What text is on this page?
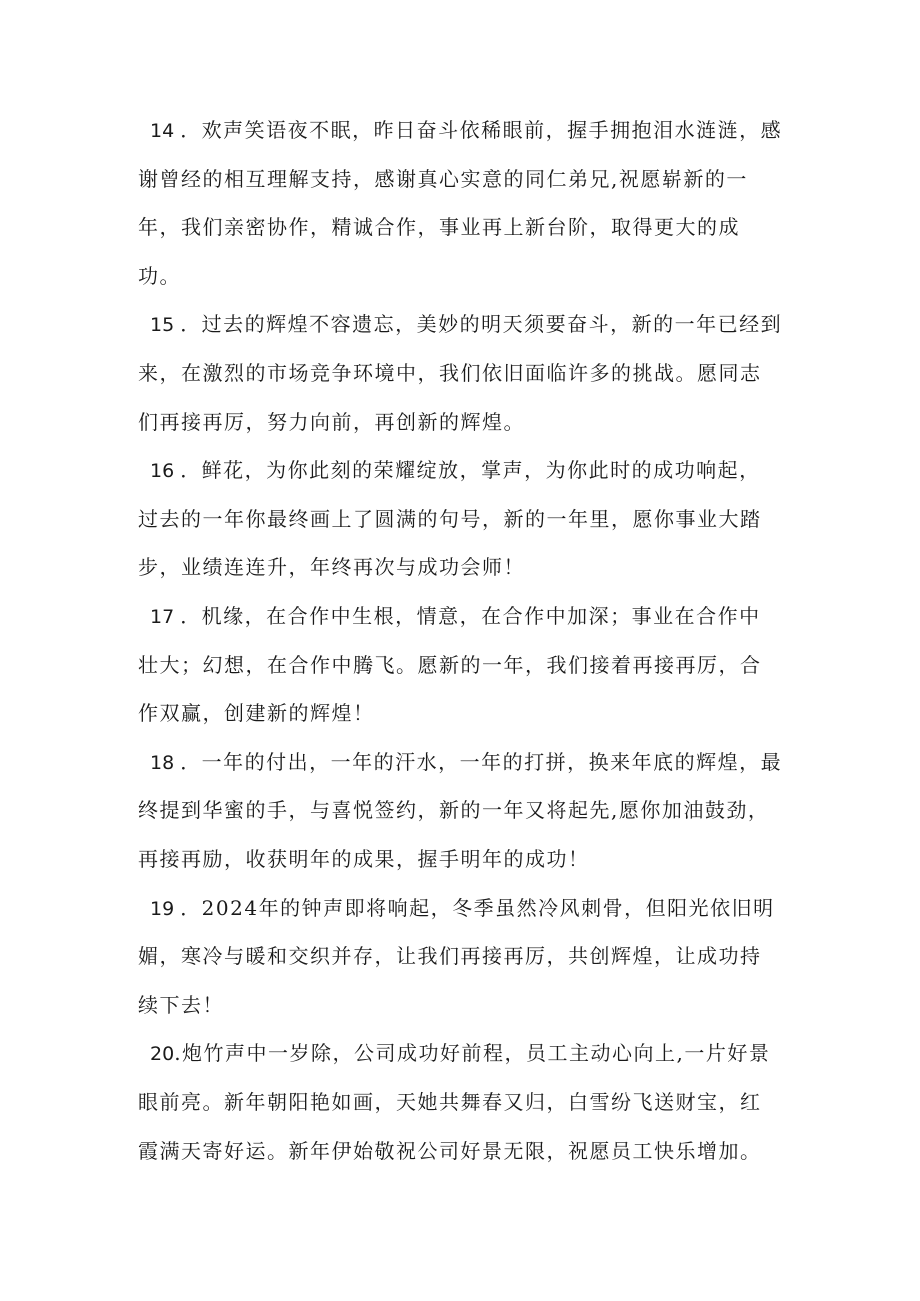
14 ．欢声笑语夜不眠，昨日奋斗依稀眼前，握手拥抱泪水涟涟，感
谢曾经的相互理解支持，感谢真心实意的同仁弟兄,祝愿崭新的一
年，我们亲密协作，精诚合作，事业再上新台阶，取得更大的成
功。
15 ．过去的辉煌不容遗忘，美妙的明天须要奋斗，新的一年已经到
来，在激烈的市场竞争环境中，我们依旧面临许多的挑战。愿同志
们再接再厉，努力向前，再创新的辉煌。
16 ．鲜花，为你此刻的荣耀绽放，掌声，为你此时的成功响起，
过去的一年你最终画上了圆满的句号，新的一年里，愿你事业大踏
步，业绩连连升，年终再次与成功会师！
17 ．机缘，在合作中生根，情意，在合作中加深；事业在合作中
壮大；幻想，在合作中腾飞。愿新的一年，我们接着再接再厉，合
作双赢，创建新的辉煌！
18 ．一年的付出，一年的汗水，一年的打拼，换来年底的辉煌，最
终提到华蜜的手，与喜悦签约，新的一年又将起先,愿你加油鼓劲，
再接再励，收获明年的成果，握手明年的成功！
19 ．2024年的钟声即将响起，冬季虽然冷风刺骨，但阳光依旧明
媚，寒冷与暖和交织并存，让我们再接再厉，共创辉煌，让成功持
续下去！
20.炮竹声中一岁除，公司成功好前程，员工主动心向上,一片好景
眼前亮。新年朝阳艳如画，天她共舞春又归，白雪纷飞送财宝，红
霞满天寄好运。新年伊始敬祝公司好景无限，祝愿员工快乐增加。
